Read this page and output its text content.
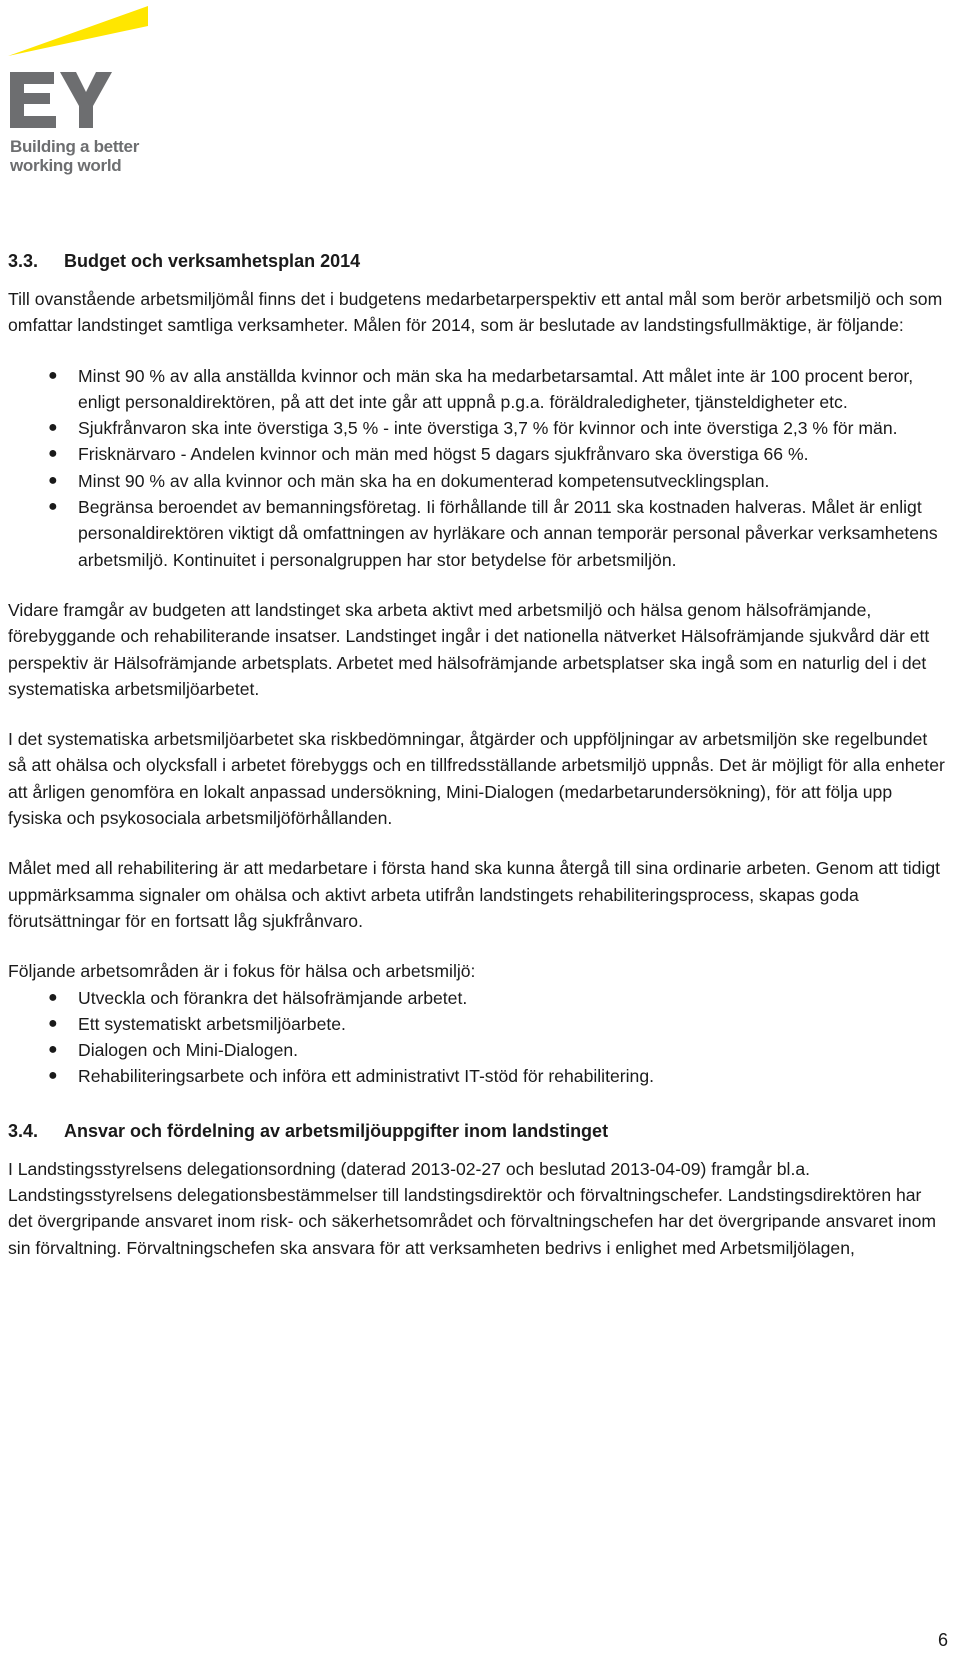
Building a better
working world
3.3.	Budget och verksamhetsplan 2014

Till ovanstående arbetsmiljömål finns det i budgetens medarbetarperspektiv ett antal mål som berör arbetsmiljö och som omfattar landstinget samtliga verksamheter. Målen för 2014, som är beslutade av landstingsfullmäktige, är följande:

● Minst 90 % av alla anställda kvinnor och män ska ha medarbetarsamtal. Att målet inte är 100 procent beror, enligt personaldirektören, på att det inte går att uppnå p.g.a. föräldraledigheter, tjänsteldigheter etc.
● Sjukfrånvaron ska inte överstiga 3,5 % - inte överstiga 3,7 % för kvinnor och inte överstiga 2,3 % för män.
● Frisknärvaro - Andelen kvinnor och män med högst 5 dagars sjukfrånvaro ska överstiga 66 %.
● Minst 90 % av alla kvinnor och män ska ha en dokumenterad kompetensutvecklingsplan.
● Begränsa beroendet av bemanningsföretag. Ii förhållande till år 2011 ska kostnaden halveras. Målet är enligt personaldirektören viktigt då omfattningen av hyrläkare och annan temporär personal påverkar verksamhetens arbetsmiljö. Kontinuitet i personalgruppen har stor betydelse för arbetsmiljön.

Vidare framgår av budgeten att landstinget ska arbeta aktivt med arbetsmiljö och hälsa genom hälsofrämjande, förebyggande och rehabiliterande insatser. Landstinget ingår i det nationella nätverket Hälsofrämjande sjukvård där ett perspektiv är Hälsofrämjande arbetsplats. Arbetet med hälsofrämjande arbetsplatser ska ingå som en naturlig del i det systematiska arbetsmiljöarbetet.

I det systematiska arbetsmiljöarbetet ska riskbedömningar, åtgärder och uppföljningar av arbetsmiljön ske regelbundet så att ohälsa och olycksfall i arbetet förebyggs och en tillfredsställande arbetsmiljö uppnås. Det är möjligt för alla enheter att årligen genomföra en lokalt anpassad undersökning, Mini-Dialogen (medarbetarundersökning), för att följa upp fysiska och psykosociala arbetsmiljöförhållanden.

Målet med all rehabilitering är att medarbetare i första hand ska kunna återgå till sina ordinarie arbeten. Genom att tidigt uppmärksamma signaler om ohälsa och aktivt arbeta utifrån landstingets rehabiliteringsprocess, skapas goda förutsättningar för en fortsatt låg sjukfrånvaro.

Följande arbetsområden är i fokus för hälsa och arbetsmiljö:

● Utveckla och förankra det hälsofrämjande arbetet.
● Ett systematiskt arbetsmiljöarbete.
● Dialogen och Mini-Dialogen.
● Rehabiliteringsarbete och införa ett administrativt IT-stöd för rehabilitering.
3.4.	Ansvar och fördelning av arbetsmiljöuppgifter inom landstinget

I Landstingsstyrelsens delegationsordning (daterad 2013-02-27 och beslutad 2013-04-09) framgår bl.a. Landstingsstyrelsens delegationsbestämmelser till landstingsdirektör och förvaltningschefer. Landstingsdirektören har det övergripande ansvaret inom risk- och säkerhetsområdet och förvaltningschefen har det övergripande ansvaret inom sin förvaltning. Förvaltningschefen ska ansvara för att verksamheten bedrivs i enlighet med Arbetsmiljölagen,

6
